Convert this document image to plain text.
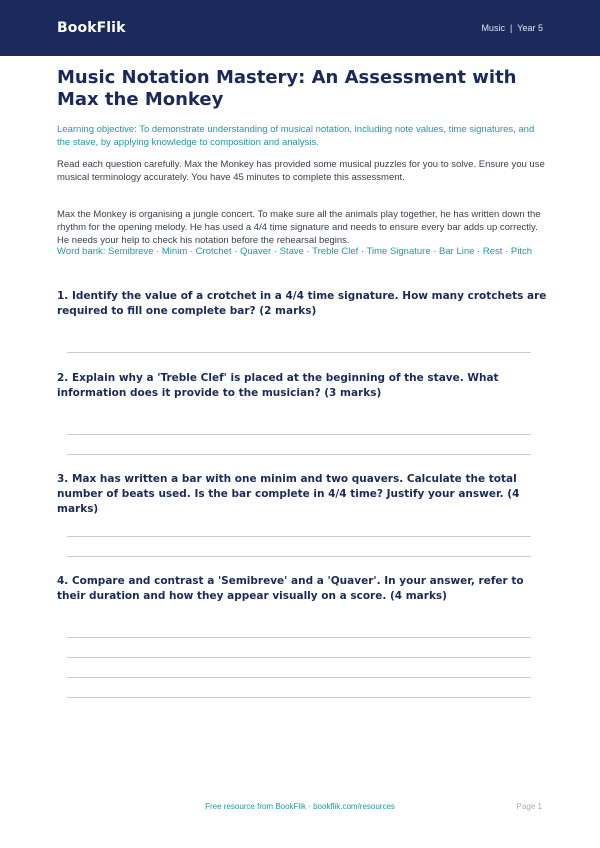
BookFlik	Music | Year 5
Music Notation Mastery: An Assessment with Max the Monkey

Learning objective: To demonstrate understanding of musical notation, including note values, time signatures, and the stave, by applying knowledge to composition and analysis.

Read each question carefully. Max the Monkey has provided some musical puzzles for you to solve. Ensure you use musical terminology accurately. You have 45 minutes to complete this assessment.

Max the Monkey is organising a jungle concert. To make sure all the animals play together, he has written down the rhythm for the opening melody. He has used a 4/4 time signature and needs to ensure every bar adds up correctly. He needs your help to check his notation before the rehearsal begins.

Word bank: Semibreve · Minim · Crotchet · Quaver · Stave · Treble Clef · Time Signature · Bar Line · Rest · Pitch

1. Identify the value of a crotchet in a 4/4 time signature. How many crotchets are required to fill one complete bar? (2 marks)

2. Explain why a 'Treble Clef' is placed at the beginning of the stave. What information does it provide to the musician? (3 marks)

3. Max has written a bar with one minim and two quavers. Calculate the total number of beats used. Is the bar complete in 4/4 time? Justify your answer. (4 marks)

4. Compare and contrast a 'Semibreve' and a 'Quaver'. In your answer, refer to their duration and how they appear visually on a score. (4 marks)

Free resource from BookFlik · bookflik.com/resources	Page 1
